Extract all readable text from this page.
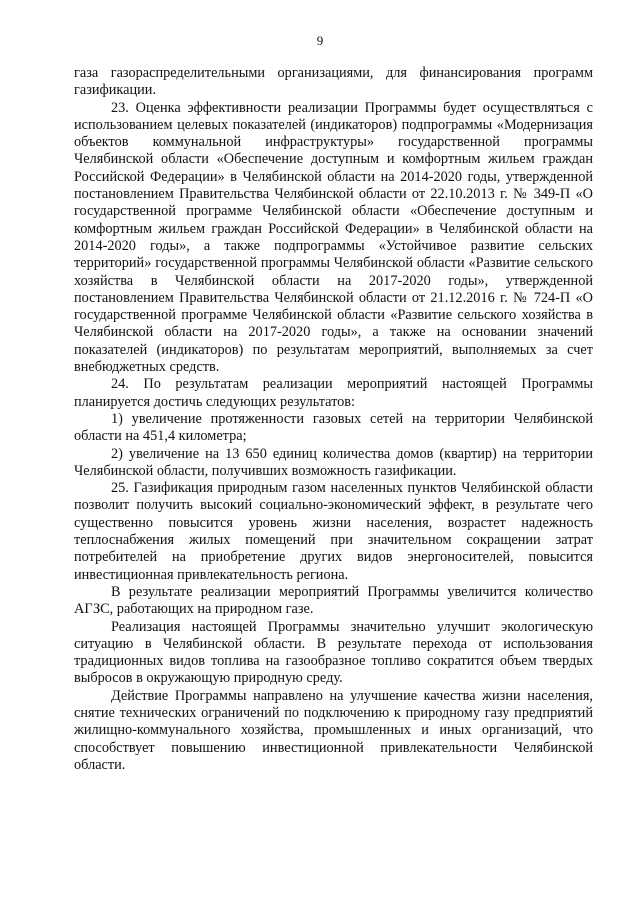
9

газа газораспределительными организациями, для финансирования программ газификации.

23. Оценка эффективности реализации Программы будет осуществляться с использованием целевых показателей (индикаторов) подпрограммы «Модернизация объектов коммунальной инфраструктуры» государственной программы Челябинской области «Обеспечение доступным и комфортным жильем граждан Российской Федерации» в Челябинской области на 2014-2020 годы, утвержденной постановлением Правительства Челябинской области от 22.10.2013 г. № 349-П «О государственной программе Челябинской области «Обеспечение доступным и комфортным жильем граждан Российской Федерации» в Челябинской области на 2014-2020 годы», а также подпрограммы «Устойчивое развитие сельских территорий» государственной программы Челябинской области «Развитие сельского хозяйства в Челябинской области на 2017-2020 годы», утвержденной постановлением Правительства Челябинской области от 21.12.2016 г. № 724-П «О государственной программе Челябинской области «Развитие сельского хозяйства в Челябинской области на 2017-2020 годы», а также на основании значений показателей (индикаторов) по результатам мероприятий, выполняемых за счет внебюджетных средств.

24. По результатам реализации мероприятий настоящей Программы планируется достичь следующих результатов:

1) увеличение протяженности газовых сетей на территории Челябинской области на 451,4 километра;

2) увеличение на 13 650 единиц количества домов (квартир) на территории Челябинской области, получивших возможность газификации.

25. Газификация природным газом населенных пунктов Челябинской области позволит получить высокий социально-экономический эффект, в результате чего существенно повысится уровень жизни населения, возрастет надежность теплоснабжения жилых помещений при значительном сокращении затрат потребителей на приобретение других видов энергоносителей, повысится инвестиционная привлекательность региона.

В результате реализации мероприятий Программы увеличится количество АГЗС, работающих на природном газе.

Реализация настоящей Программы значительно улучшит экологическую ситуацию в Челябинской области. В результате перехода от использования традиционных видов топлива на газообразное топливо сократится объем твердых выбросов в окружающую природную среду.

Действие Программы направлено на улучшение качества жизни населения, снятие технических ограничений по подключению к природному газу предприятий жилищно-коммунального хозяйства, промышленных и иных организаций, что способствует повышению инвестиционной привлекательности Челябинской области.
